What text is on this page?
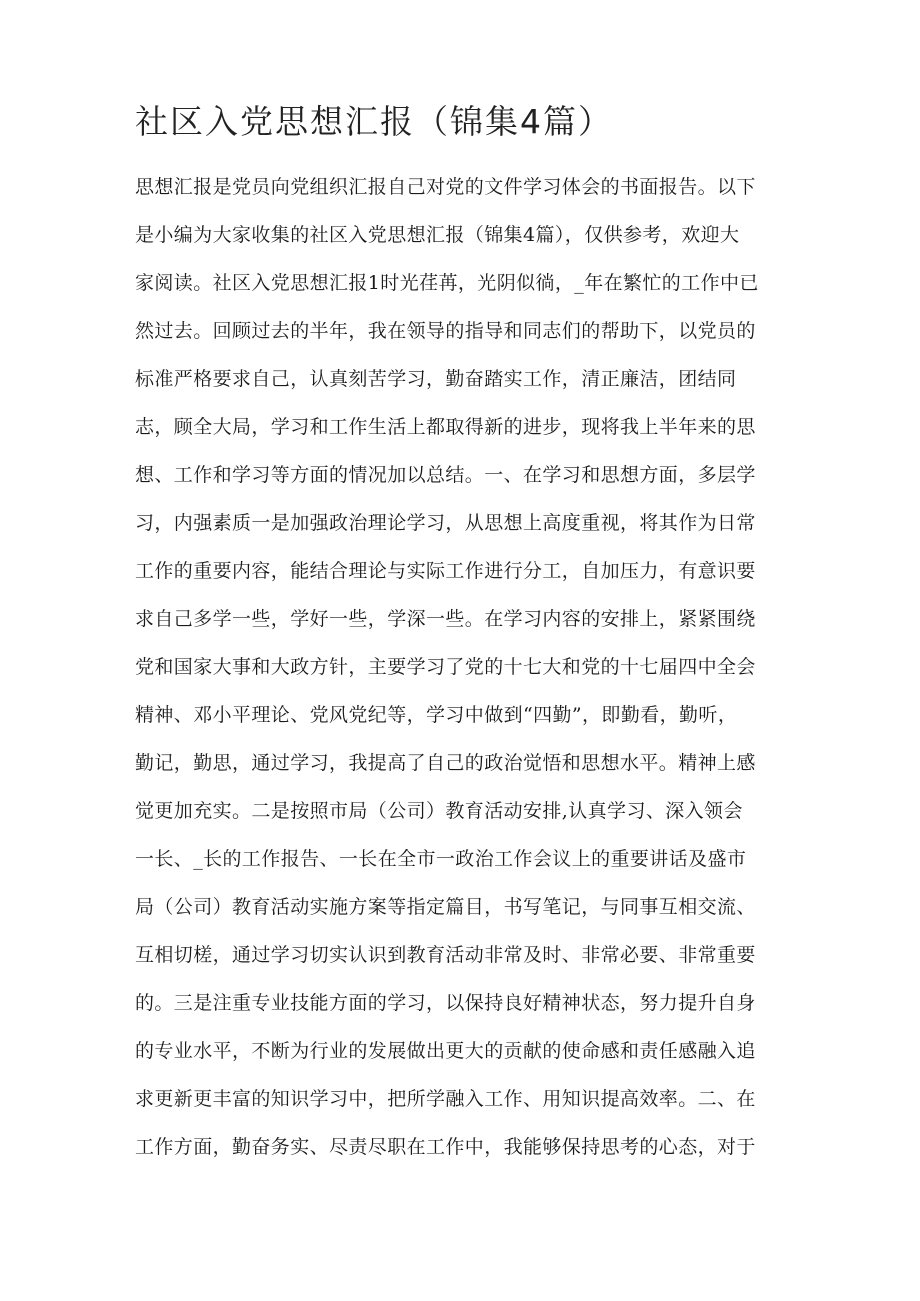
社区入党思想汇报（锦集4篇）
思想汇报是党员向党组织汇报自己对党的文件学习体会的书面报告。以下
是小编为大家收集的社区入党思想汇报（锦集4篇），仅供参考，欢迎大
家阅读。社区入党思想汇报1时光荏苒，光阴似徜，_年在繁忙的工作中已
然过去。回顾过去的半年，我在领导的指导和同志们的帮助下，以党员的
标准严格要求自己，认真刻苦学习，勤奋踏实工作，清正廉洁，团结同
志，顾全大局，学习和工作生活上都取得新的进步，现将我上半年来的思
想、工作和学习等方面的情况加以总结。一、在学习和思想方面，多层学
习，内强素质一是加强政治理论学习，从思想上高度重视，将其作为日常
工作的重要内容，能结合理论与实际工作进行分工，自加压力，有意识要
求自己多学一些，学好一些，学深一些。在学习内容的安排上，紧紧围绕
党和国家大事和大政方针，主要学习了党的十七大和党的十七届四中全会
精神、邓小平理论、党风党纪等，学习中做到“四勤”，即勤看，勤听，
勤记，勤思，通过学习，我提高了自己的政治觉悟和思想水平。精神上感
觉更加充实。二是按照市局（公司）教育活动安排,认真学习、深入领会
一长、_长的工作报告、一长在全市一政治工作会议上的重要讲话及盛市
局（公司）教育活动实施方案等指定篇目，书写笔记，与同事互相交流、
互相切槎，通过学习切实认识到教育活动非常及时、非常必要、非常重要
的。三是注重专业技能方面的学习，以保持良好精神状态，努力提升自身
的专业水平，不断为行业的发展做出更大的贡献的使命感和责任感融入追
求更新更丰富的知识学习中，把所学融入工作、用知识提高效率。二、在
工作方面，勤奋务实、尽责尽职在工作中，我能够保持思考的心态，对于
